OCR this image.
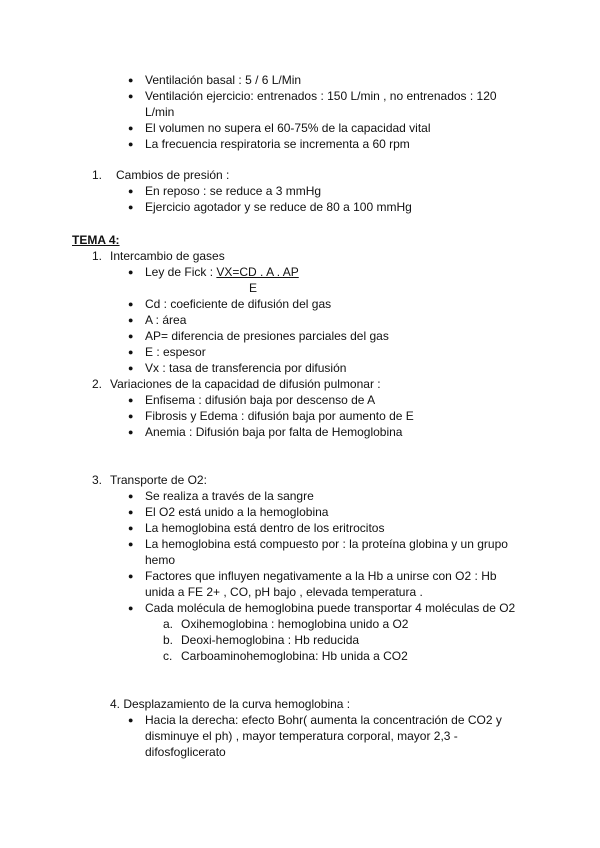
● Ventilación basal : 5 / 6 L/Min
● Ventilación ejercicio: entrenados : 150 L/min , no entrenados : 120
L/min
● El volumen no supera el 60-75% de la capacidad vital
● La frecuencia respiratoria se incrementa a 60 rpm
1. Cambios de presión :
● En reposo : se reduce a 3 mmHg
● Ejercicio agotador y se reduce de 80 a 100 mmHg
TEMA 4:
1. Intercambio de gases
● Ley de Fick : VX=CD . A . AP
E
● Cd : coeficiente de difusión del gas
● A : área
● AP= diferencia de presiones parciales del gas
● E : espesor
● Vx : tasa de transferencia por difusión
2. Variaciones de la capacidad de difusión pulmonar :
● Enfisema : difusión baja por descenso de A
● Fibrosis y Edema : difusión baja por aumento de E
● Anemia : Difusión baja por falta de Hemoglobina
3. Transporte de O2:
● Se realiza a través de la sangre
● El O2 está unido a la hemoglobina
● La hemoglobina está dentro de los eritrocitos
● La hemoglobina está compuesto por : la proteína globina y un grupo
hemo
● Factores que influyen negativamente a la Hb a unirse con O2 : Hb
unida a FE 2+ , CO, pH bajo , elevada temperatura .
● Cada molécula de hemoglobina puede transportar 4 moléculas de O2
a. Oxihemoglobina : hemoglobina unido a O2
b. Deoxi-hemoglobina : Hb reducida
c. Carboaminohemoglobina: Hb unida a CO2
4. Desplazamiento de la curva hemoglobina :
● Hacia la derecha: efecto Bohr( aumenta la concentración de CO2 y
disminuye el ph) , mayor temperatura corporal, mayor 2,3 -
difosfoglicerato
